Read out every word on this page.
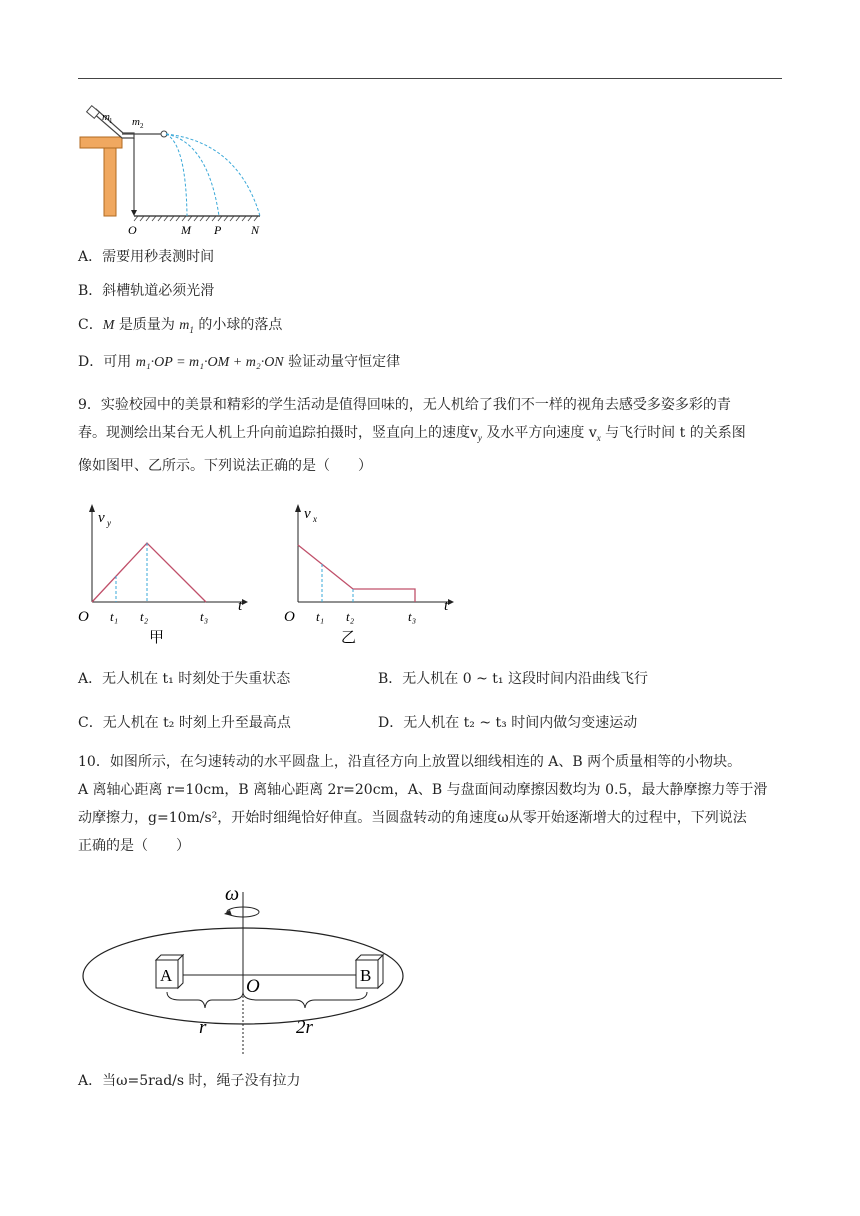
m 1 m 2
O	M P N
A．需要用秒表测时间
B．斜槽轨道必须光滑
C．M 是质量为 $m_1$ 的小球的落点
D．可用 m₁·OP = m₁·OM + m₂·ON 验证动量守恒定律
9．实验校园中的美景和精彩的学生活动是值得回味的，无人机给了我们不一样的视角去感受多姿多彩的青
春。现测绘出某台无人机上升向前追踪拍摄时，竖直向上的速度$v_y$ 及水平方向速度 $v_x$ 与飞行时间 t 的关系图
像如图甲、乙所示。下列说法正确的是（　　）
v y
t
O t₁ t₂	t₃
甲
v x
t
O t₁ t₂	t₃
乙
A．无人机在 t₁ 时刻处于失重状态	B．无人机在 0 ~ t₁ 这段时间内沿曲线飞行
C．无人机在 t₂ 时刻上升至最高点	D．无人机在 t₂ ~ t₃ 时间内做匀变速运动
10．如图所示，在匀速转动的水平圆盘上，沿直径方向上放置以细线相连的 A、B 两个质量相等的小物块。
A 离轴心距离 r=10cm，B 离轴心距离 2r=20cm，A、B 与盘面间动摩擦因数均为 0.5，最大静摩擦力等于滑
动摩擦力，g=10m/s²，开始时细绳恰好伸直。当圆盘转动的角速度ω从零开始逐渐增大的过程中，下列说法
正确的是（　　）
ω
A	B
O
r	2r
A．当ω=5rad/s 时，绳子没有拉力
